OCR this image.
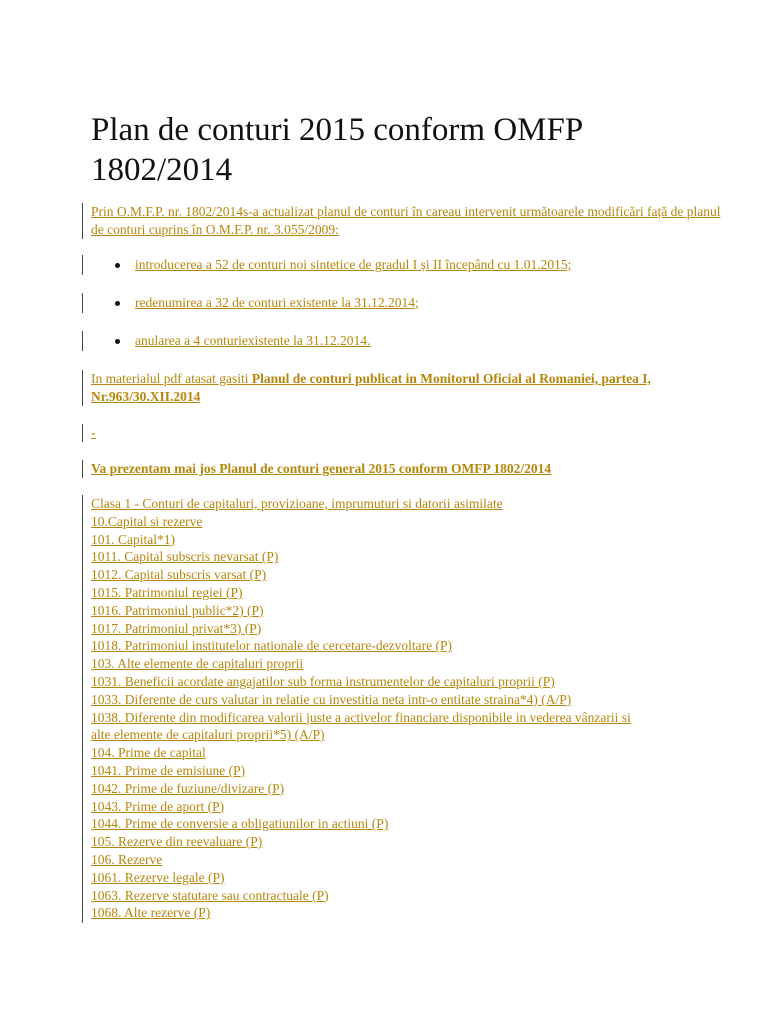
Plan de conturi 2015 conform OMFP 1802/2014
Prin O.M.F.P. nr. 1802/2014s-a actualizat planul de conturi în careau intervenit următoarele modificări față de planul de conturi cuprins în O.M.F.P. nr. 3.055/2009:
introducerea a 52 de conturi noi sintetice de gradul I și II începând cu 1.01.2015;
redenumirea a 32 de conturi existente la 31.12.2014;
anularea a 4 conturiexistente la 31.12.2014.
In materialul pdf atasat gasiti Planul de conturi publicat in Monitorul Oficial al Romaniei, partea I, Nr.963/30.XII.2014
-
Va prezentam mai jos Planul de conturi general 2015 conform OMFP 1802/2014
Clasa 1 - Conturi de capitaluri, provizioane, imprumuturi si datorii asimilate
10.Capital si rezerve
101. Capital*1)
1011. Capital subscris nevarsat (P)
1012. Capital subscris varsat (P)
1015. Patrimoniul regiei (P)
1016. Patrimoniul public*2) (P)
1017. Patrimoniul privat*3) (P)
1018. Patrimoniul institutelor nationale de cercetare-dezvoltare (P)
103. Alte elemente de capitaluri proprii
1031. Beneficii acordate angajatilor sub forma instrumentelor de capitaluri proprii (P)
1033. Diferente de curs valutar in relatie cu investitia neta intr-o entitate straina*4) (A/P)
1038. Diferente din modificarea valorii juste a activelor financiare disponibile in vederea vânzarii si alte elemente de capitaluri proprii*5) (A/P)
104. Prime de capital
1041. Prime de emisiune (P)
1042. Prime de fuziune/divizare (P)
1043. Prime de aport (P)
1044. Prime de conversie a obligatiunilor in actiuni (P)
105. Rezerve din reevaluare (P)
106. Rezerve
1061. Rezerve legale (P)
1063. Rezerve statutare sau contractuale (P)
1068. Alte rezerve (P)
